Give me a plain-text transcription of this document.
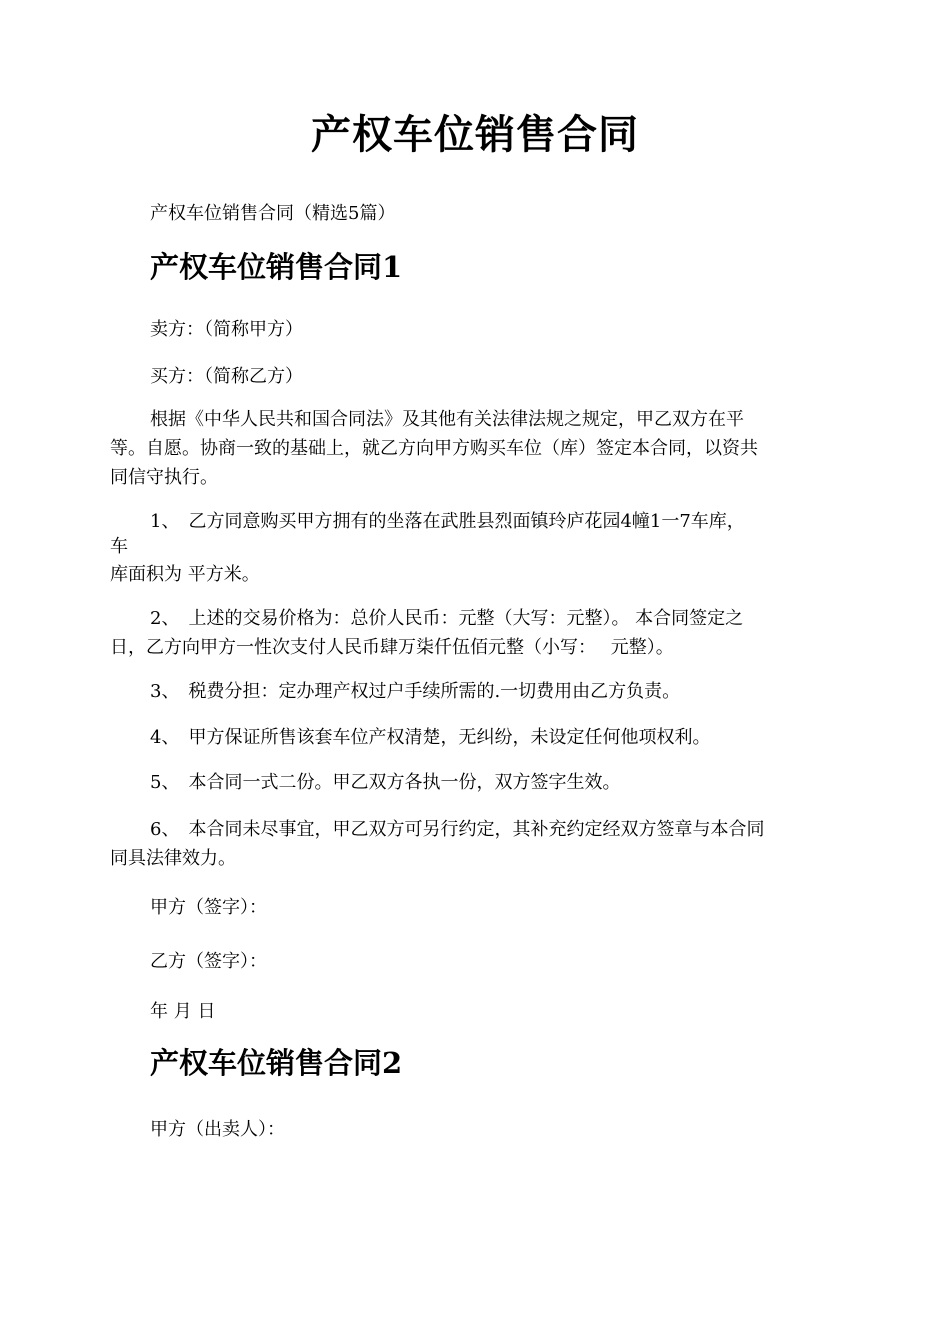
产权车位销售合同
产权车位销售合同（精选5篇）
产权车位销售合同1
卖方：（简称甲方）
买方：（简称乙方）
根据《中华人民共和国合同法》及其他有关法律法规之规定，甲乙双方在平
等。自愿。协商一致的基础上，就乙方向甲方购买车位（库）签定本合同，以资共
同信守执行。
1、　乙方同意购买甲方拥有的坐落在武胜县烈面镇玲庐花园4幢1一7车库，
车
库面积为 平方米。
2、　上述的交易价格为：总价人民币：元整（大写：元整）。 本合同签定之
日，乙方向甲方一性次支付人民币肆万柒仟伍佰元整（小写：　 元整）。
3、　税费分担：定办理产权过户手续所需的.一切费用由乙方负责。
4、　甲方保证所售该套车位产权清楚，无纠纷，未设定任何他项权利。
5、　本合同一式二份。甲乙双方各执一份，双方签字生效。
6、　本合同未尽事宜，甲乙双方可另行约定，其补充约定经双方签章与本合同
同具法律效力。
甲方（签字）：
乙方（签字）：
年 月 日
产权车位销售合同2
甲方（出卖人）：
